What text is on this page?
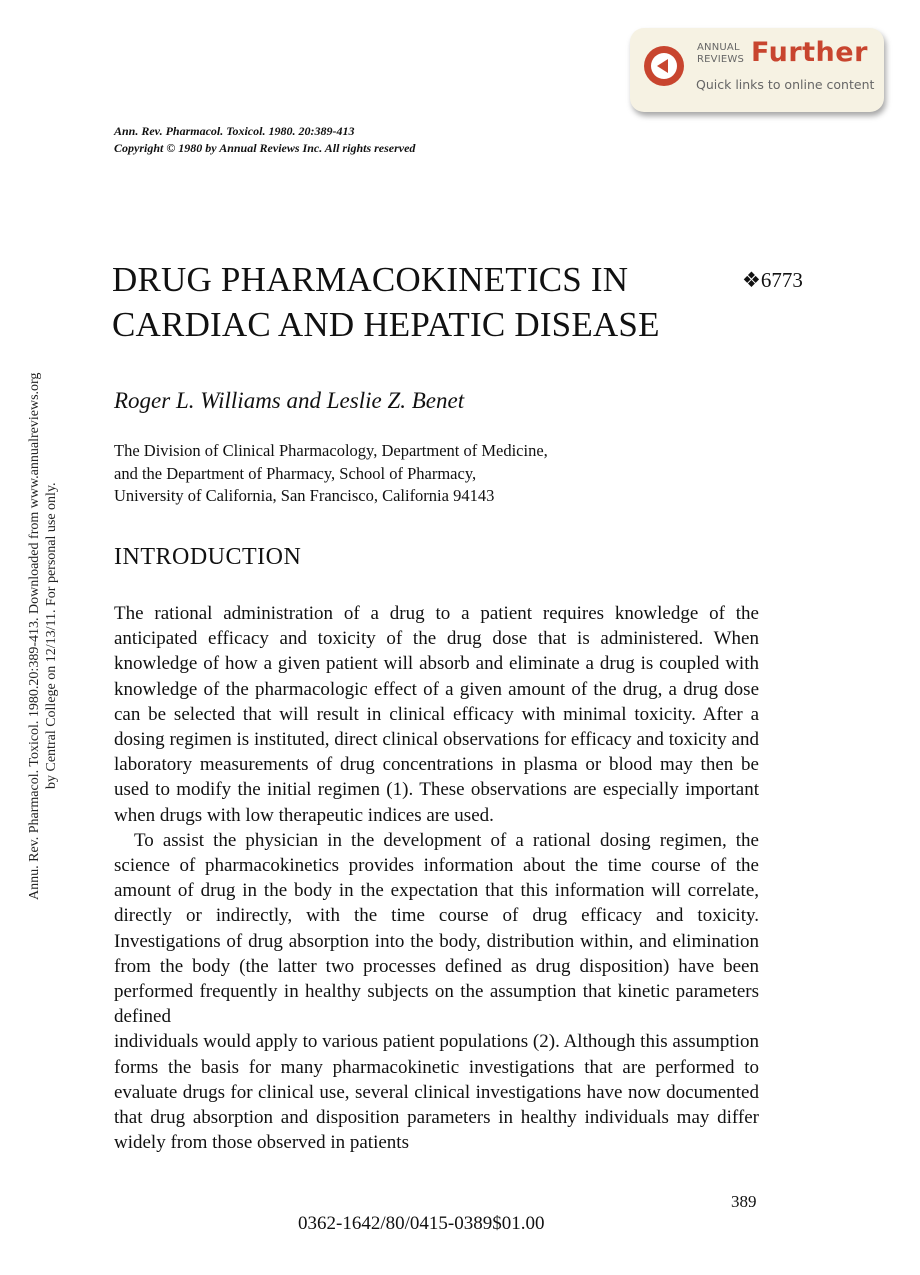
ANNUAL
REVIEWS Further
Quick links to online content
Ann. Rev. Pharmacol. Toxicol. 1980. 20:389-413
Copyright © 1980 by Annual Reviews Inc. All rights reserved
Annu. Rev. Pharmacol. Toxicol. 1980.20:389-413. Downloaded from www.annualreviews.org by Central College on 12/13/11. For personal use only.
DRUG PHARMACOKINETICS IN
CARDIAC AND HEPATIC DISEASE
❖6773
Roger L. Williams and Leslie Z. Benet
The Division of Clinical Pharmacology, Department of Medicine,
and the Department of Pharmacy, School of Pharmacy,
University of California, San Francisco, California 94143
INTRODUCTION

The rational administration of a drug to a patient requires knowledge of the anticipated efficacy and toxicity of the drug dose that is administered. When knowledge of how a given patient will absorb and eliminate a drug is coupled with knowledge of the pharmacologic effect of a given amount of the drug, a drug dose can be selected that will result in clinical efficacy with minimal toxicity. After a dosing regimen is instituted, direct clinical observations for efficacy and toxicity and laboratory measurements of drug concentrations in plasma or blood may then be used to modify the initial regimen (1). These observations are especially important when drugs with low therapeutic indices are used.

To assist the physician in the development of a rational dosing regimen, the science of pharmacokinetics provides information about the time course of the amount of drug in the body in the expectation that this information will correlate, directly or indirectly, with the time course of drug efficacy and toxicity. Investigations of drug absorption into the body, distribution within, and elimination from the body (the latter two processes defined as drug disposition) have been performed frequently in healthy subjects on the assumption that kinetic parameters defined

individuals would apply to various patient populations (2). Although this assumption forms the basis for many pharmacokinetic investigations that are performed to evaluate drugs for clinical use, several clinical investigations have now documented that drug absorption and disposition parameters in healthy individuals may differ widely from those observed in patients

389
0362-1642/80/0415-0389$01.00
